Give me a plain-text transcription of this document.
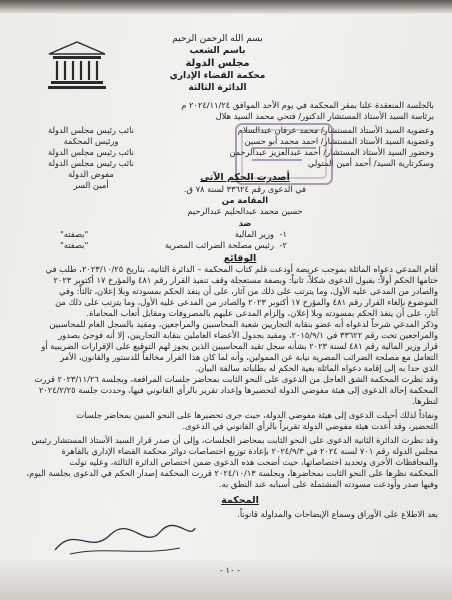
بسم الله الرحمن الرحيم
باسم الشعب
مجلس الدولة
محكمة القضاء الإداري
الدائرة الثالثة
بالجلسة المنعقدة علنا بمقر المحكمة في يوم الأحد الموافق ٢٠٢٤/١١/٢٤ م
برئاسة السيد الأستاذ المستشار الدكتور/ فتحي محمد السيد هلال
وعضوية السيد الأستاذ المستشار/ محمد عرفان عبدالسلام
وعضوية السيد الأستاذ المستشار/ احمد محمد أبو حسين
وحضور السيد الأستاذ المستشار/ أحمد عبدالعزيز عبدالرحمن
وسكرتارية السيد/ أحمد أمين المتولي
نائب رئيس مجلس الدولة
ورئيس المحكمة
نائب رئيس مجلس الدولة
نائب رئيس مجلس الدولة
مفوض الدولة
أمين السر
أصدرت الحكم الآتي
في الدعوى رقم ٣٣٦٢٤ لسنة ٧٨ ق.
المقامة من
حسين محمد عبدالحليم عبدالرحيم
ضد
١-
وزير المالية
"بصفته"
٢-
رئيس مصلحة الضرائب المصرية
"بصفته"
الوقائع
أقام المدعي دعواه الماثلة بموجب عريضة أودعت قلم كتاب المحكمة – الدائرة الثانية، بتاريخ ٢٠٢٣/١٠/٢٥، طلب في
ختامها الحكم أولاً: بقبول الدعوى شكلاً، ثانياً: وبصفة مستعجلة وقف تنفيذ القرار رقم ٤٨١ والمؤرخ ١٧ أكتوبر ٢٠٢٣
والصادر من المدعى عليه الأول، وما يترتب على ذلك من آثار، على أن ينفذ الحكم بمسودته وبلا إعلان، ثالثاً: وفي
الموضوع بإلغاء القرار رقم ٤٨١ والمؤرخ ١٧ أكتوبر ٢٠٢٣ والصادر من المدعى عليه الأول، وما يترتب على ذلك من
آثار، على أن ينفذ الحكم بمسودته وبلا إعلان، وإلزام المدعى عليهم بالمصروفات ومقابل أتعاب المحاماة.
وذكر المدعي شرحاً لدعواه أنه عضو بنقابة التجاريين شعبة المحاسبين والمراجعين، ومقيد بالسجل العام للمحاسبين
والمراجعين تحت رقم ٣٣٦٢٢ في ٢٠١٥/٩/١، ومقيد بجدول الأعضاء العاملين بنقابة التجاريين، إلا أنه فوجئ بصدور
قرار وزير المالية رقم ٤٨١ لسنة ٢٠٢٣ بشأنه سجل تقيد المحاسبين الذين يجوز لهم التوقيع على الإقرارات الضريبية أو
التعامل مع مصلحة الضرائب المصرية نيابة عن الممولين، وأنه لما كان هذا القرار مخالفاً للدستور والقانون، الأمر
الذي حدا به إلى إقامة دعواه الماثلة بغية الحكم له بطلباته سالفة البيان.
وقد نظرت المحكمة الشق العاجل من الدعوى على النحو الثابت بمحاضر جلسات المرافعة، وبجلسة ٢٠٢٣/١١/٢٦ قررت
المحكمة إحالة الدعوى إلى هيئة مفوضي الدولة لتحضيرها وإعداد تقرير بالرأي القانوني فيها، وحددت جلسة ٢٠٢٤/٢/٢٥
لنظرها.
ونفاذاً لذلك أحيلت الدعوى إلى هيئة مفوضي الدولة، حيث جرى تحضيرها على النحو المبين بمحاضر جلسات
التحضير، وقد أعدت هيئة مفوضي الدولة تقريراً بالرأي القانوني في الدعوى.
وقد نظرت الدائرة الثانية الدعوى على النحو الثابت بمحاضر الجلسات، وإلى أن صدر قرار السيد الأستاذ المستشار رئيس
مجلس الدولة رقم ٧٠١ لسنة ٢٠٢٤ في ٢٠٢٤/٩/٣ بإعادة توزيع اختصاصات دوائر محكمة القضاء الإداري بالقاهرة
والمحافظات الأخرى وتحديد اختصاصاتها، حيث أضحت هذه الدعوى ضمن اختصاص الدائرة الثالثة، وعليه تولت
المحكمة نظرها على النحو الثابت بمحاضرها، وبجلسة ٢٠٢٤/١٠/١٣ قررت المحكمة إصدار الحكم في الدعوى بجلسة اليوم،
وفيها صدر وأودعت مسودته المشتملة على أسبابه عند النطق به.
المحكمة
بعد الاطلاع على الأوراق وسماع الإيضاحات والمداولة قانوناً.
- ١٠ -
